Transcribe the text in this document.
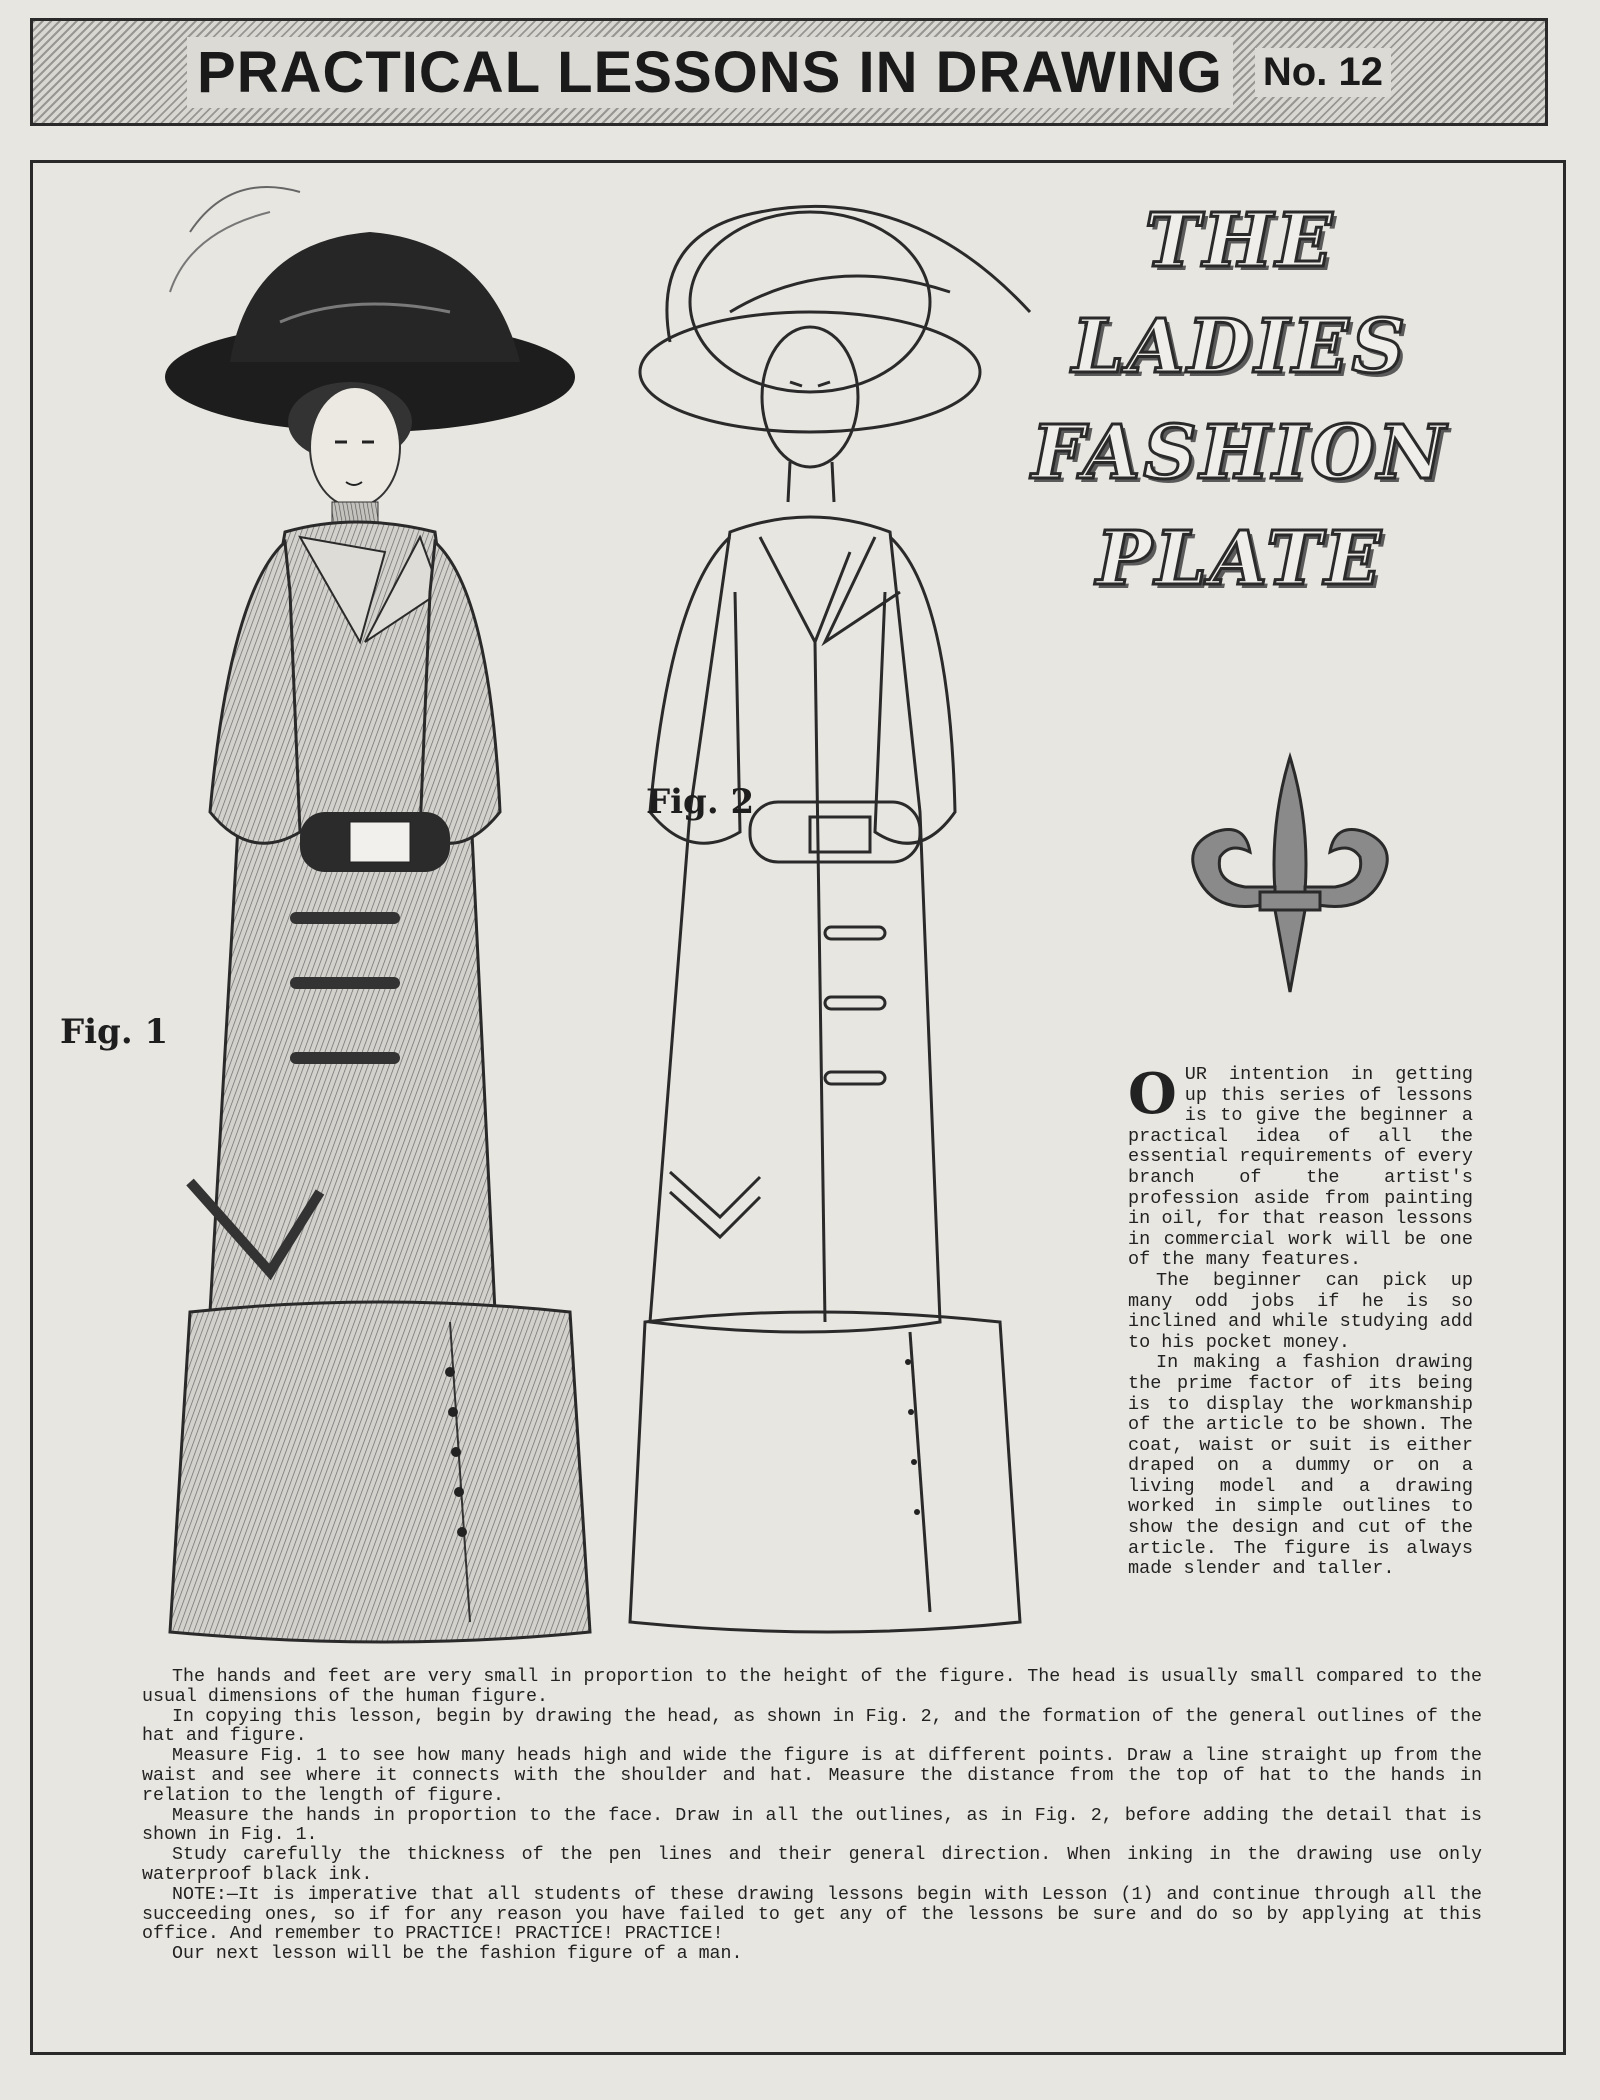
PRACTICAL LESSONS IN DRAWING No. 12
Fig. 1
Fig. 2
THE
LADIES
FASHION
PLATE

OUR intention in getting up this series of lessons is to give the beginner a practical idea of all the essential requirements of every branch of the artist's profession aside from painting in oil, for that reason lessons in commercial work will be one of the many features.

The beginner can pick up many odd jobs if he is so inclined and while studying add to his pocket money.

In making a fashion drawing the prime factor of its being is to display the workmanship of the article to be shown. The coat, waist or suit is either draped on a dummy or on a living model and a drawing worked in simple outlines to show the design and cut of the article. The figure is always made slender and taller.

The hands and feet are very small in proportion to the height of the figure. The head is usually small compared to the usual dimensions of the human figure.

In copying this lesson, begin by drawing the head, as shown in Fig. 2, and the formation of the general outlines of the hat and figure.

Measure Fig. 1 to see how many heads high and wide the figure is at different points. Draw a line straight up from the waist and see where it connects with the shoulder and hat. Measure the distance from the top of hat to the hands in relation to the length of figure.

Measure the hands in proportion to the face. Draw in all the outlines, as in Fig. 2, before adding the detail that is shown in Fig. 1.

Study carefully the thickness of the pen lines and their general direction. When inking in the drawing use only waterproof black ink.

NOTE:—It is imperative that all students of these drawing lessons begin with Lesson (1) and continue through all the succeeding ones, so if for any reason you have failed to get any of the lessons be sure and do so by applying at this office. And remember to PRACTICE! PRACTICE! PRACTICE!

Our next lesson will be the fashion figure of a man.
